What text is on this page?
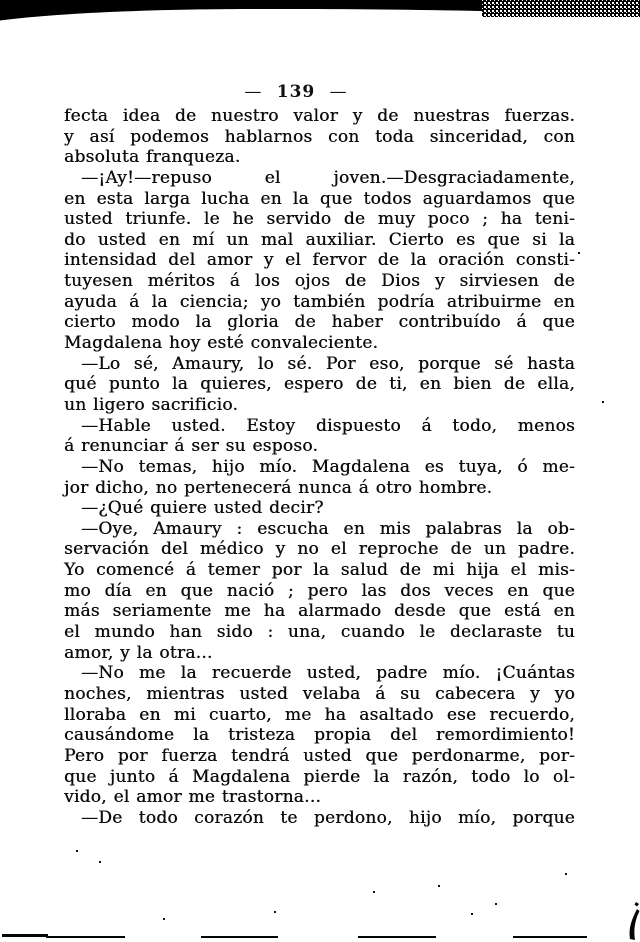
— 139 —
fecta idea de nuestro valor y de nuestras fuerzas.
y así podemos hablarnos con toda sinceridad, con
absoluta franqueza.
—¡Ay!—repuso el joven.—Desgraciadamente,
en esta larga lucha en la que todos aguardamos que
usted triunfe. le he servido de muy poco ; ha teni-
do usted en mí un mal auxiliar. Cierto es que si la
intensidad del amor y el fervor de la oración consti-
tuyesen méritos á los ojos de Dios y sirviesen de
ayuda á la ciencia; yo también podría atribuirme en
cierto modo la gloria de haber contribuído á que
Magdalena hoy esté convaleciente.
—Lo sé, Amaury, lo sé. Por eso, porque sé hasta
qué punto la quieres, espero de ti, en bien de ella,
un ligero sacrificio.
—Hable usted. Estoy dispuesto á todo, menos
á renunciar á ser su esposo.
—No temas, hijo mío. Magdalena es tuya, ó me-
jor dicho, no pertenecerá nunca á otro hombre.
—¿Qué quiere usted decir?
—Oye, Amaury : escucha en mis palabras la ob-
servación del médico y no el reproche de un padre.
Yo comencé á temer por la salud de mi hija el mis-
mo día en que nació ; pero las dos veces en que
más seriamente me ha alarmado desde que está en
el mundo han sido : una, cuando le declaraste tu
amor, y la otra...
—No me la recuerde usted, padre mío. ¡Cuántas
noches, mientras usted velaba á su cabecera y yo
lloraba en mi cuarto, me ha asaltado ese recuerdo,
causándome la tristeza propia del remordimiento!
Pero por fuerza tendrá usted que perdonarme, por-
que junto á Magdalena pierde la razón, todo lo ol-
vido, el amor me trastorna...
—De todo corazón te perdono, hijo mío, porque
